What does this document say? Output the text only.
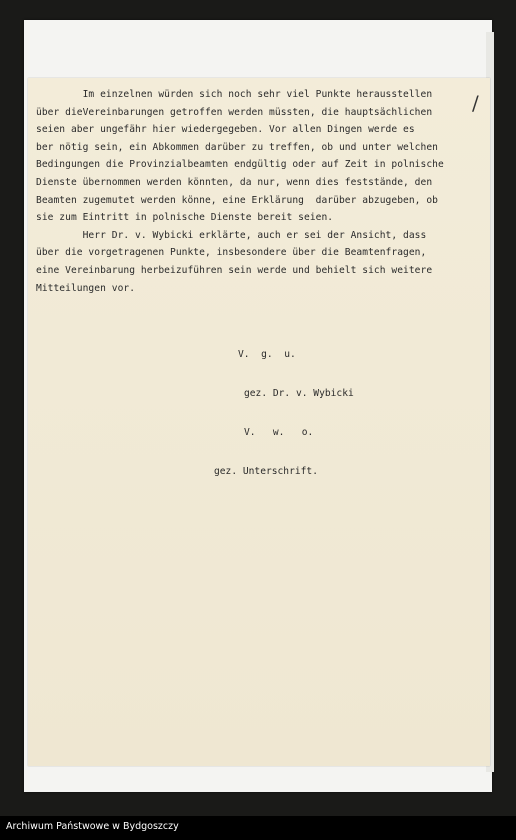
/
Im einzelnen würden sich noch sehr viel Punkte herausstellen
über dieVereinbarungen getroffen werden müssten, die hauptsächlichen
seien aber ungefähr hier wiedergegeben. Vor allen Dingen werde es
ber nötig sein, ein Abkommen darüber zu treffen, ob und unter welchen
Bedingungen die Provinzialbeamten endgültig oder auf Zeit in polnische
Dienste übernommen werden könnten, da nur, wenn dies feststände, den
Beamten zugemutet werden könne, eine Erklärung  darüber abzugeben, ob
sie zum Eintritt in polnische Dienste bereit seien.
Herr Dr. v. Wybicki erklärte, auch er sei der Ansicht, dass
über die vorgetragenen Punkte, insbesondere über die Beamtenfragen,
eine Vereinbarung herbeizuführen sein werde und behielt sich weitere
Mitteilungen vor.
V.  g.  u.
gez. Dr. v. Wybicki
V.   w.   o.
gez. Unterschrift.
Archiwum Państwowe w Bydgoszczy
